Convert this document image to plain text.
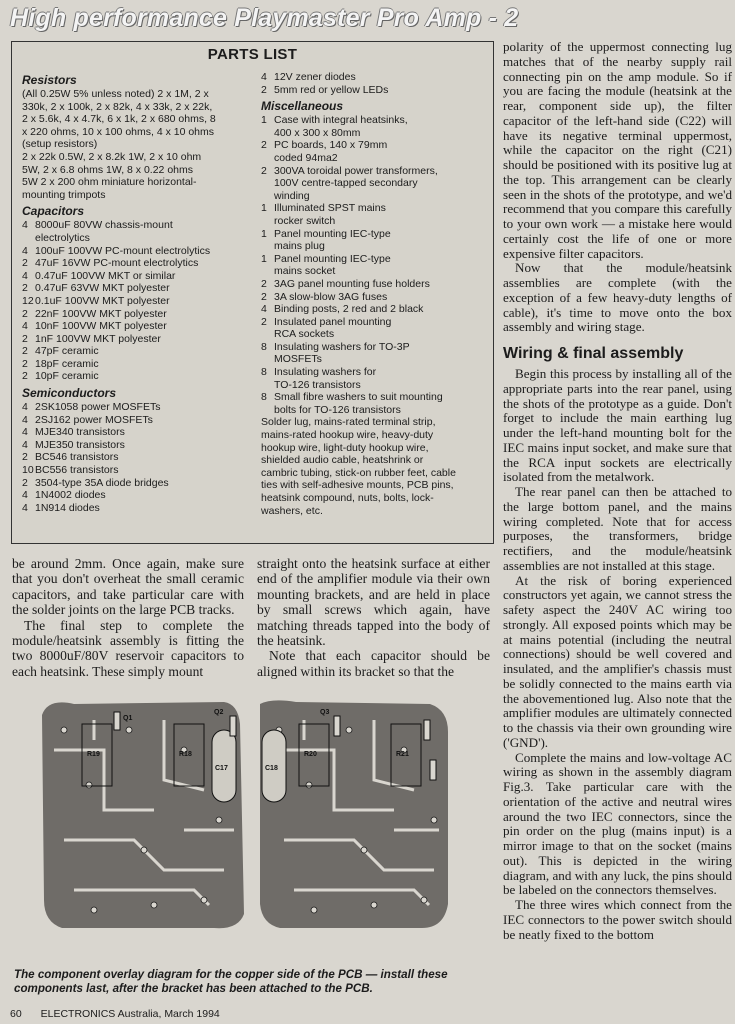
High performance Playmaster Pro Amp - 2
PARTS LIST
Resistors
(All 0.25W 5% unless noted) 2 x 1M, 2 x
330k, 2 x 100k, 2 x 82k, 4 x 33k, 2 x 22k,
2 x 5.6k, 4 x 4.7k, 6 x 1k, 2 x 680 ohms, 8
x 220 ohms, 10 x 100 ohms, 4 x 10 ohms
(setup resistors)
2 x 22k 0.5W, 2 x 8.2k 1W, 2 x 10 ohm
5W, 2 x 6.8 ohms 1W, 8 x 0.22 ohms
5W 2 x 200 ohm miniature horizontal-
mounting trimpots
Capacitors
4 8000uF 80VW chassis-mount
electrolytics
4 100uF 100VW PC-mount electrolytics
2 47uF 16VW PC-mount electrolytics
4 0.47uF 100VW MKT or similar
2 0.47uF 63VW MKT polyester
12 0.1uF 100VW MKT polyester
2 22nF 100VW MKT polyester
4 10nF 100VW MKT polyester
2 1nF 100VW MKT polyester
2 47pF ceramic
2 18pF ceramic
2 10pF ceramic
Semiconductors
4 2SK1058 power MOSFETs
4 2SJ162 power MOSFETs
4 MJE340 transistors
4 MJE350 transistors
2 BC546 transistors
10 BC556 transistors
2 3504-type 35A diode bridges
4 1N4002 diodes
4 1N914 diodes
4 12V zener diodes
2 5mm red or yellow LEDs
Miscellaneous
1 Case with integral heatsinks,
400 x 300 x 80mm
2 PC boards, 140 x 79mm
coded 94ma2
2 300VA toroidal power transformers,
100V centre-tapped secondary
winding
1 Illuminated SPST mains
rocker switch
1 Panel mounting IEC-type
mains plug
1 Panel mounting IEC-type
mains socket
2 3AG panel mounting fuse holders
2 3A slow-blow 3AG fuses
4 Binding posts, 2 red and 2 black
2 Insulated panel mounting
RCA sockets
8 Insulating washers for TO-3P
MOSFETs
8 Insulating washers for
TO-126 transistors
8 Small fibre washers to suit mounting
bolts for TO-126 transistors
Solder lug, mains-rated terminal strip,
mains-rated hookup wire, heavy-duty
hookup wire, light-duty hookup wire,
shielded audio cable, heatshrink or
cambric tubing, stick-on rubber feet, cable
ties with self-adhesive mounts, PCB pins,
heatsink compound, nuts, bolts, lock-
washers, etc.

be around 2mm. Once again, make sure that you don't overheat the small ceramic capacitors, and take particular care with the solder joints on the large PCB tracks.

The final step to complete the module/heatsink assembly is fitting the two 8000uF/80V reservoir capacitors to each heatsink. These simply mount

straight onto the heatsink surface at either end of the amplifier module via their own mounting brackets, and are held in place by small screws which again, have matching threads tapped into the body of the heatsink.

Note that each capacitor should be aligned within its bracket so that the

polarity of the uppermost connecting lug matches that of the nearby supply rail connecting pin on the amp module. So if you are facing the module (heatsink at the rear, component side up), the filter capacitor of the left-hand side (C22) will have its negative terminal uppermost, while the capacitor on the right (C21) should be positioned with its positive lug at the top. This arrangement can be clearly seen in the shots of the prototype, and we'd recommend that you compare this carefully to your own work — a mistake here would certainly cost the life of one or more expensive filter capacitors.

Now that the module/heatsink assemblies are complete (with the exception of a few heavy-duty lengths of cable), it's time to move onto the box assembly and wiring stage.

Wiring & final assembly

Begin this process by installing all of the appropriate parts into the rear panel, using the shots of the prototype as a guide. Don't forget to include the main earthing lug under the left-hand mounting bolt for the IEC mains input socket, and make sure that the RCA input sockets are electrically isolated from the metalwork.

The rear panel can then be attached to the large bottom panel, and the mains wiring completed. Note that for access purposes, the transformers, bridge rectifiers, and the module/heatsink assemblies are not installed at this stage.

At the risk of boring experienced constructors yet again, we cannot stress the safety aspect the 240V AC wiring too strongly. All exposed points which may be at mains potential (including the neutral connections) should be well covered and insulated, and the amplifier's chassis must be solidly connected to the mains earth via the abovementioned lug. Also note that the amplifier modules are ultimately connected to the chassis via their own grounding wire ('GND').

Complete the mains and low-voltage AC wiring as shown in the assembly diagram Fig.3. Take particular care with the orientation of the active and neutral wires around the two IEC connectors, since the pin order on the plug (mains input) is a mirror image to that on the socket (mains out). This is depicted in the wiring diagram, and with any luck, the pins should be labeled on the connectors themselves.

The three wires which connect from the IEC connectors to the power switch should be neatly fixed to the bottom

R19	R18	R20	R21
C17	C18
Q1
Q2	Q3

The component overlay diagram for the copper side of the PCB — install these components last, after the bracket has been attached to the PCB.

60 ELECTRONICS Australia, March 1994
